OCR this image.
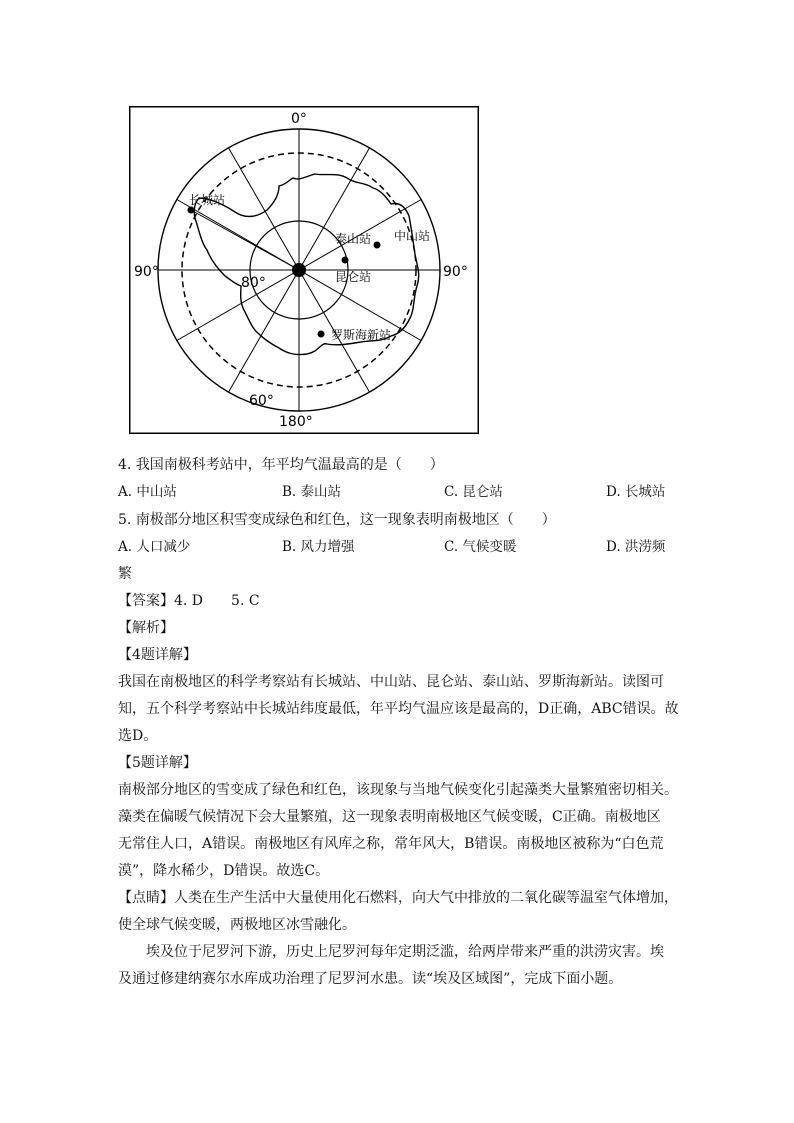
0°
90°	90°
180°
80°
60°
长城站
泰山站 中山站
昆仑站
罗斯海新站
4. 我国南极科考站中，年平均气温最高的是（　　）
A. 中山站	B. 泰山站	C. 昆仑站	D. 长城站
5. 南极部分地区积雪变成绿色和红色，这一现象表明南极地区（　　）
A. 人口减少	B. 风力增强	C. 气候变暖	D. 洪涝频
繁
【答案】4. D　　5. C
【解析】
【4题详解】
我国在南极地区的科学考察站有长城站、中山站、昆仑站、泰山站、罗斯海新站。读图可
知，五个科学考察站中长城站纬度最低，年平均气温应该是最高的，D正确，ABC错误。故
选D。
【5题详解】
南极部分地区的雪变成了绿色和红色，该现象与当地气候变化引起藻类大量繁殖密切相关。
藻类在偏暖气候情况下会大量繁殖，这一现象表明南极地区气候变暖，C正确。南极地区
无常住人口，A错误。南极地区有风库之称，常年风大，B错误。南极地区被称为“白色荒
漠”，降水稀少，D错误。故选C。
【点睛】人类在生产生活中大量使用化石燃料，向大气中排放的二氧化碳等温室气体增加，
使全球气候变暖，两极地区冰雪融化。
　　埃及位于尼罗河下游，历史上尼罗河每年定期泛滥，给两岸带来严重的洪涝灾害。埃
及通过修建纳赛尔水库成功治理了尼罗河水患。读“埃及区域图”，完成下面小题。
